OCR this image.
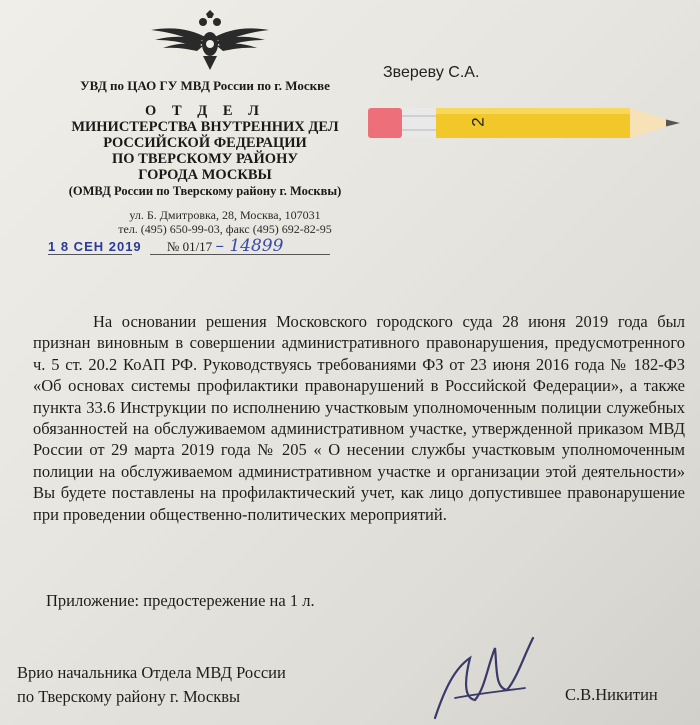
УВД по ЦАО ГУ МВД России по г. Москве
О Т Д Е Л
МИНИСТЕРСТВА ВНУТРЕННИХ ДЕЛ
РОССИЙСКОЙ ФЕДЕРАЦИИ
ПО ТВЕРСКОМУ РАЙОНУ
ГОРОДА МОСКВЫ
(ОМВД России по Тверскому району г. Москвы)
ул. Б. Дмитровка, 28, Москва, 107031
тел. (495) 650-99-03, факс (495) 692-82-95
1 8 СЕН 2019 № 01/17 – 14899
Звереву С.А.
2

На основании решения Московского городского суда 28 июня 2019 года был признан виновным в совершении административного правонарушения, предусмотренного ч. 5 ст. 20.2 КоАП РФ. Руководствуясь требованиями ФЗ от 23 июня 2016 года № 182-ФЗ «Об основах системы профилактики правонарушений в Российской Федерации», а также пункта 33.6 Инструкции по исполнению участковым уполномоченным полиции служебных обязанностей на обслуживаемом административном участке, утвержденной приказом МВД России от 29 марта 2019 года № 205 « О несении службы участковым уполномоченным полиции на обслуживаемом административном участке и организации этой деятельности» Вы будете поставлены на профилактический учет, как лицо допустившее правонарушение при проведении общественно-политических мероприятий.

Приложение: предостережение на 1 л.
Врио начальника Отдела МВД России
по Тверскому району г. Москвы	С.В.Никитин
